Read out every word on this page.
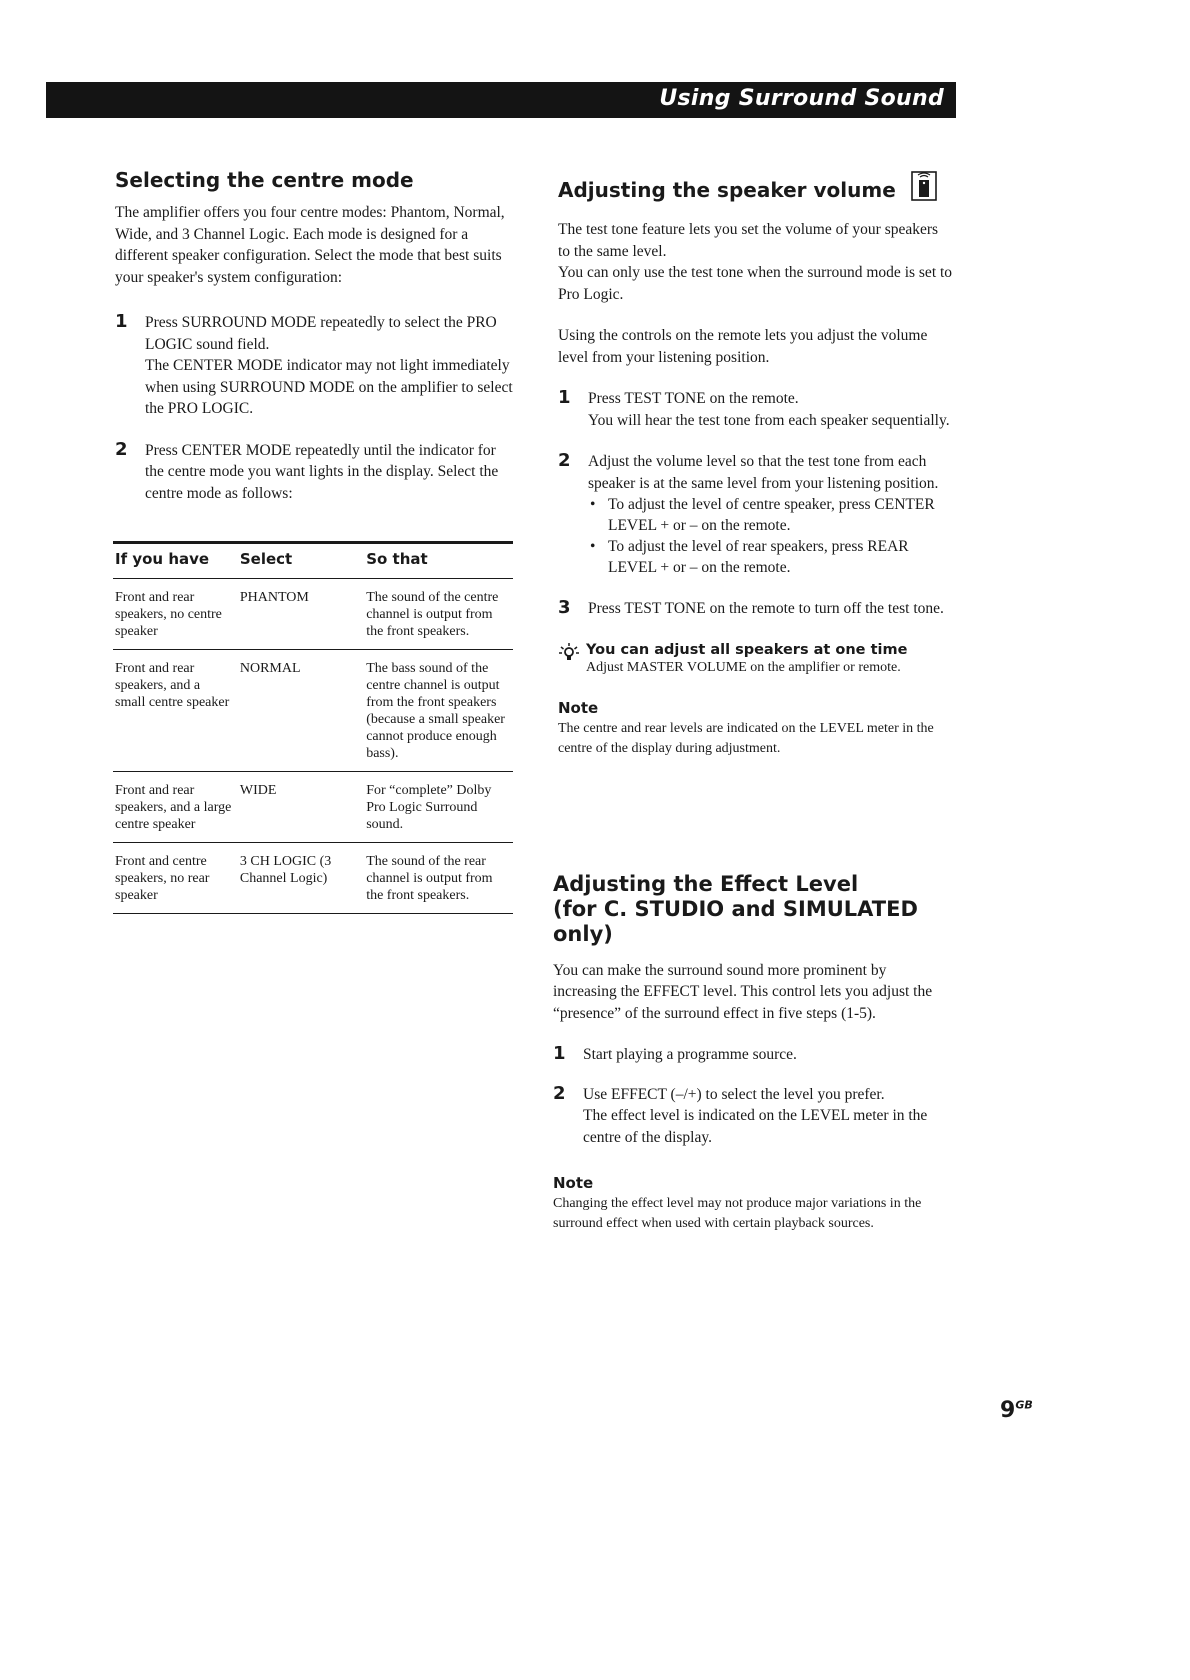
Using Surround Sound
Selecting the centre mode

The amplifier offers you four centre modes: Phantom, Normal, Wide, and 3 Channel Logic. Each mode is designed for a different speaker configuration. Select the mode that best suits your speaker's system configuration:

1 Press SURROUND MODE repeatedly to select the PRO LOGIC sound field.

The CENTER MODE indicator may not light immediately when using SURROUND MODE on the amplifier to select the PRO LOGIC.

2 Press CENTER MODE repeatedly until the indicator for the centre mode you want lights in the display. Select the centre mode as follows:

If you have	Select	So that
Front and rear speakers, no centre speaker	PHANTOM	The sound of the centre channel is output from the front speakers.
Front and rear speakers, and a small centre speaker	NORMAL	The bass sound of the centre channel is output from the front speakers (because a small speaker cannot produce enough bass).
Front and rear speakers, and a large centre speaker	WIDE	For “complete” Dolby Pro Logic Surround sound.
Front and centre speakers, no rear speaker	3 CH LOGIC (3 Channel Logic)	The sound of the rear channel is output from the front speakers.
Adjusting the speaker volume

The test tone feature lets you set the volume of your speakers to the same level.

You can only use the test tone when the surround mode is set to Pro Logic.

Using the controls on the remote lets you adjust the volume level from your listening position.

1 Press TEST TONE on the remote.

You will hear the test tone from each speaker sequentially.

2 Adjust the volume level so that the test tone from each speaker is at the same level from your listening position.

• To adjust the level of centre speaker, press CENTER LEVEL + or – on the remote.
• To adjust the level of rear speakers, press REAR LEVEL + or – on the remote.
3 Press TEST TONE on the remote to turn off the test tone.

You can adjust all speakers at one time
Adjust MASTER VOLUME on the amplifier or remote.
Note
The centre and rear levels are indicated on the LEVEL meter in the centre of the display during adjustment.
Adjusting the Effect Level
(for C. STUDIO and SIMULATED only)

You can make the surround sound more prominent by increasing the EFFECT level. This control lets you adjust the “presence” of the surround effect in five steps (1-5).

1 Start playing a programme source.

2 Use EFFECT (–/+) to select the level you prefer.

The effect level is indicated on the LEVEL meter in the centre of the display.

Note
Changing the effect level may not produce major variations in the surround effect when used with certain playback sources.
$9^{GB}$
